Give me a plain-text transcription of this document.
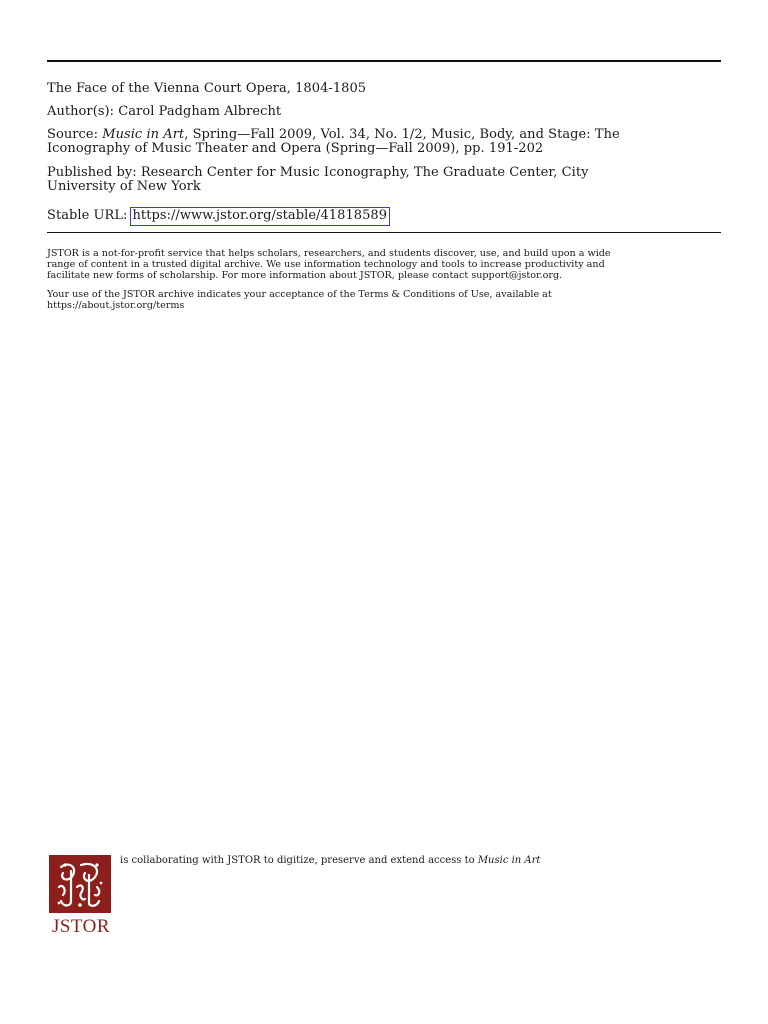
The Face of the Vienna Court Opera, 1804-1805
Author(s): Carol Padgham Albrecht
Source: Music in Art, Spring—Fall 2009, Vol. 34, No. 1/2, Music, Body, and Stage: The
Iconography of Music Theater and Opera (Spring—Fall 2009), pp. 191-202
Published by: Research Center for Music Iconography, The Graduate Center, City
University of New York
Stable URL: https://www.jstor.org/stable/41818589
JSTOR is a not-for-profit service that helps scholars, researchers, and students discover, use, and build upon a wide
range of content in a trusted digital archive. We use information technology and tools to increase productivity and
facilitate new forms of scholarship. For more information about JSTOR, please contact support@jstor.org.
Your use of the JSTOR archive indicates your acceptance of the Terms & Conditions of Use, available at
https://about.jstor.org/terms
JSTOR
is collaborating with JSTOR to digitize, preserve and extend access to Music in Art
